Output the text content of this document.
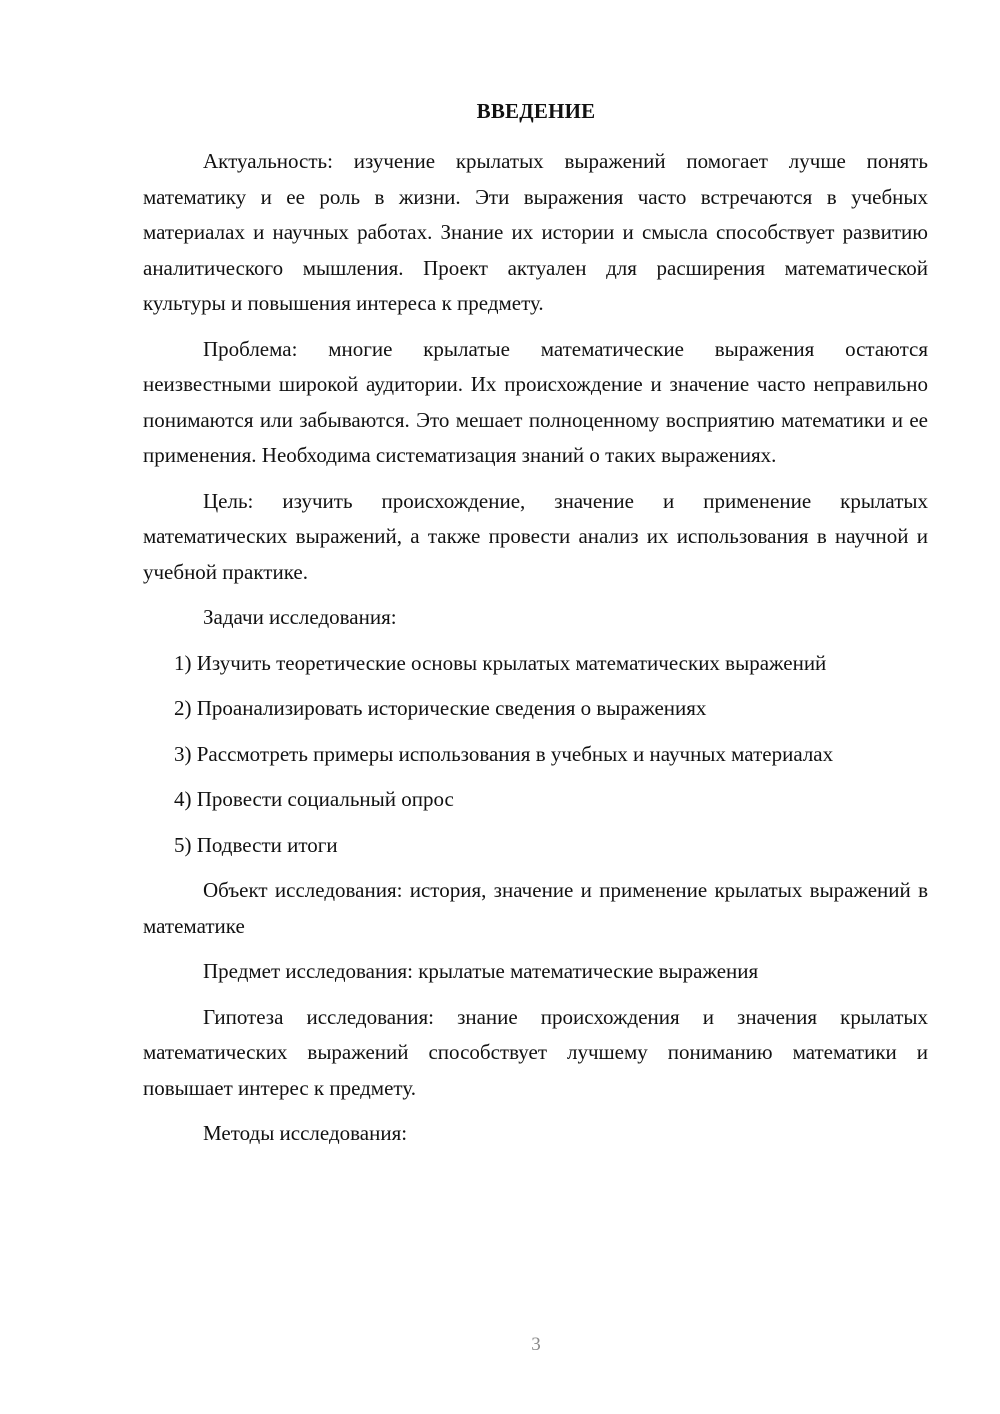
ВВЕДЕНИЕ

Актуальность: изучение крылатых выражений помогает лучше понять математику и ее роль в жизни. Эти выражения часто встречаются в учебных материалах и научных работах. Знание их истории и смысла способствует развитию аналитического мышления. Проект актуален для расширения математической культуры и повышения интереса к предмету.

Проблема: многие крылатые математические выражения остаются неизвестными широкой аудитории. Их происхождение и значение часто неправильно понимаются или забываются. Это мешает полноценному восприятию математики и ее применения. Необходима систематизация знаний о таких выражениях.

Цель: изучить происхождение, значение и применение крылатых математических выражений, а также провести анализ их использования в научной и учебной практике.

Задачи исследования:

1) Изучить теоретические основы крылатых математических выражений

2) Проанализировать исторические сведения о выражениях

3) Рассмотреть примеры использования в учебных и научных материалах

4) Провести социальный опрос

5) Подвести итоги

Объект исследования: история, значение и применение крылатых выражений в математике

Предмет исследования: крылатые математические выражения

Гипотеза исследования: знание происхождения и значения крылатых математических выражений способствует лучшему пониманию математики и повышает интерес к предмету.

Методы исследования:

3
